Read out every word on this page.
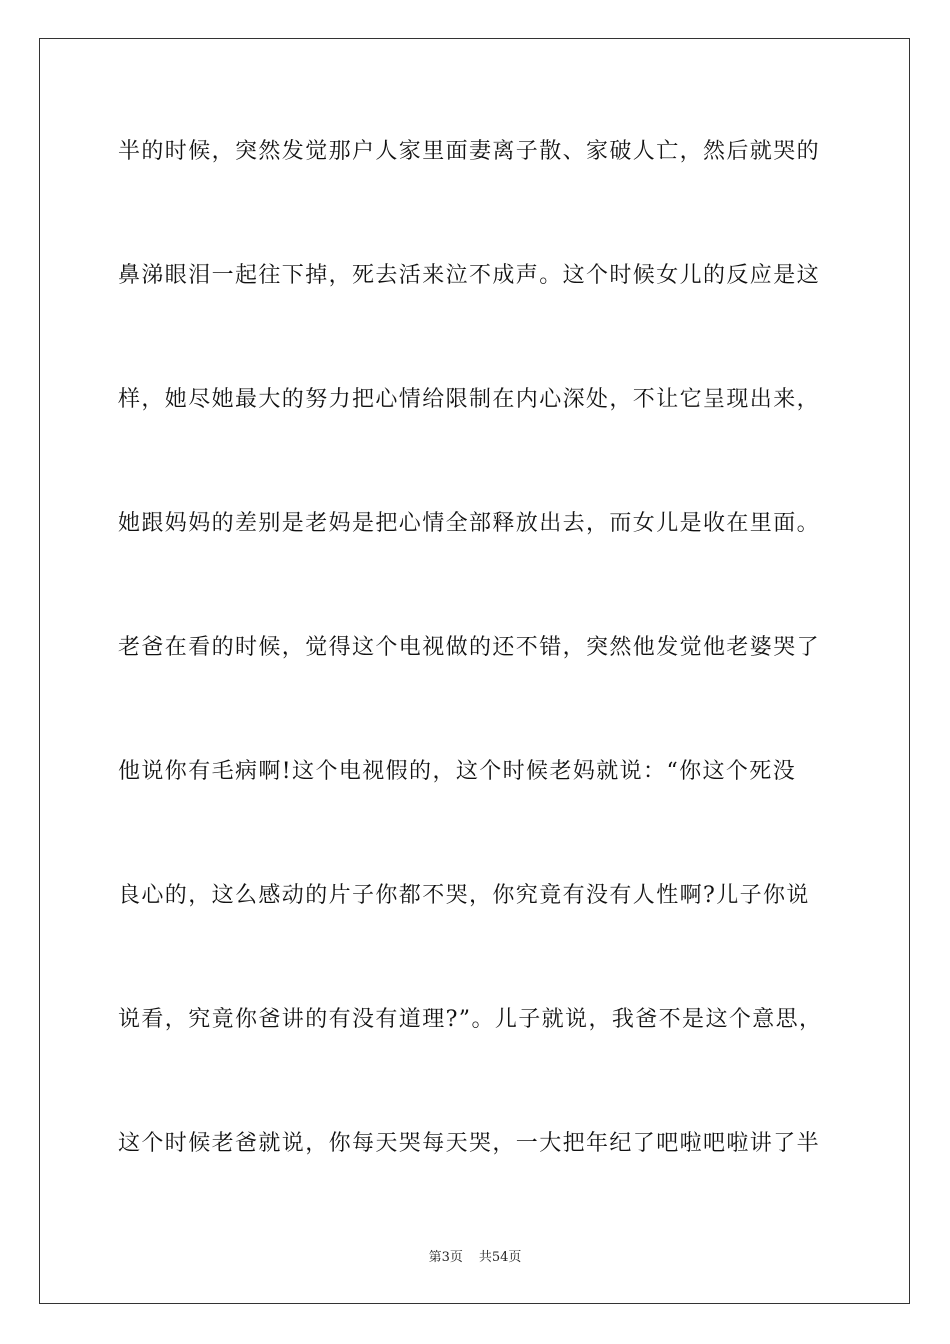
半的时候，突然发觉那户人家里面妻离子散、家破人亡，然后就哭的
鼻涕眼泪一起往下掉，死去活来泣不成声。这个时候女儿的反应是这
样，她尽她最大的努力把心情给限制在内心深处，不让它呈现出来，
她跟妈妈的差别是老妈是把心情全部释放出去，而女儿是收在里面。
老爸在看的时候，觉得这个电视做的还不错，突然他发觉他老婆哭了
他说你有毛病啊!这个电视假的，这个时候老妈就说：“你这个死没
良心的，这么感动的片子你都不哭，你究竟有没有人性啊?儿子你说
说看，究竟你爸讲的有没有道理?”。儿子就说，我爸不是这个意思，
这个时候老爸就说，你每天哭每天哭，一大把年纪了吧啦吧啦讲了半
第3页 共54页
